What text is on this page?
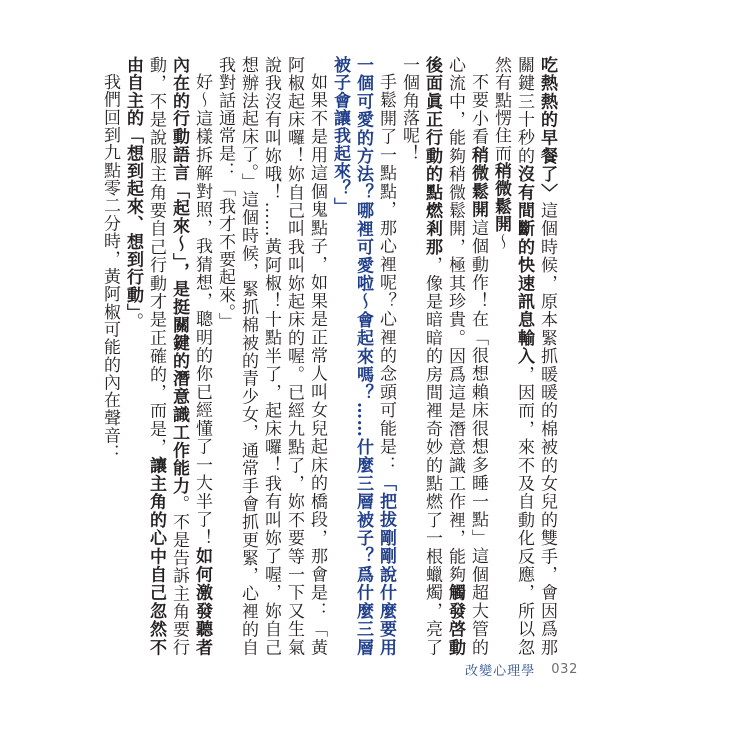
吃熱熱的早餐了〉這個時候，原本緊抓暖暖的棉被的女兒的雙手，會因爲那關鍵三十秒的沒有間斷的快速訊息輸入，因而，來不及自動化反應，所以忽然有點愣住而稍微鬆開～

不要小看稍微鬆開這個動作！在「很想賴床很想多睡一點」這個超大管的心流中，能夠稍微鬆開，極其珍貴。因爲這是潛意識工作裡，能夠觸發啓動後面眞正行動的點燃剎那，像是暗暗的房間裡奇妙的點燃了一根蠟燭，亮了一個角落呢！

手鬆開了一點點，那心裡呢？心裡的念頭可能是：「把拔剛剛說什麼要用一個可愛的方法？哪裡可愛啦～會起來嗎？……什麼三層被子？爲什麼三層被子會讓我起來？」

如果不是用這個鬼點子，如果是正常人叫女兒起床的橋段，那會是：「黃阿椒起床囉！妳自己叫我叫妳起床的喔。已經九點了，妳不要等一下又生氣說我沒有叫妳哦！……黃阿椒！十點半了，起床囉！我有叫妳了喔，妳自己想辦法起床了。」這個時候，緊抓棉被的青少女，通常手會抓更緊，心裡的自我對話通常是：「我才不要起來。」

好～這樣拆解對照，我猜想，聰明的你已經懂了一大半了！如何激發聽者內在的行動語言「起來～」，是挺關鍵的潛意識工作能力。不是告訴主角要行動，不是說服主角要自己行動才是正確的，而是，讓主角的心中自己忽然不由自主的「想到起來、想到行動」。

我們回到九點零二分時，黃阿椒可能的內在聲音：

改變心理學 032
